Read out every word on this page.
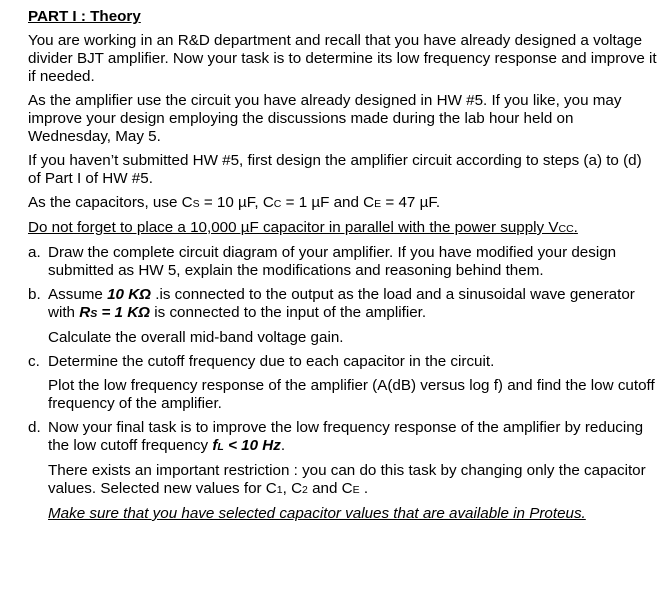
PART I : Theory

You are working in an R&D department and recall that you have already designed a voltage divider BJT amplifier. Now your task is to determine its low frequency response and improve it if needed.

As the amplifier use the circuit you have already designed in HW #5. If you like, you may improve your design employing the discussions made during the lab hour held on Wednesday, May 5.

If you haven’t submitted HW #5, first design the amplifier circuit according to steps (a) to (d) of Part I of HW #5.

As the capacitors, use CS = 10 µF, CC = 1 µF and CE = 47 µF.

Do not forget to place a 10,000 µF capacitor in parallel with the power supply VCC.

a. Draw the complete circuit diagram of your amplifier. If you have modified your design submitted as HW 5, explain the modifications and reasoning behind them.
b. Assume 10 KΩ .is connected to the output as the load and a sinusoidal wave generator with RS = 1 KΩ is connected to the input of the amplifier.
Calculate the overall mid-band voltage gain.
c. Determine the cutoff frequency due to each capacitor in the circuit.
Plot the low frequency response of the amplifier (A(dB) versus log f) and find the low cutoff frequency of the amplifier.
d. Now your final task is to improve the low frequency response of the amplifier by reducing the low cutoff frequency fL < 10 Hz.
There exists an important restriction : you can do this task by changing only the capacitor values. Selected new values for C1, C2 and CE .
Make sure that you have selected capacitor values that are available in Proteus.
